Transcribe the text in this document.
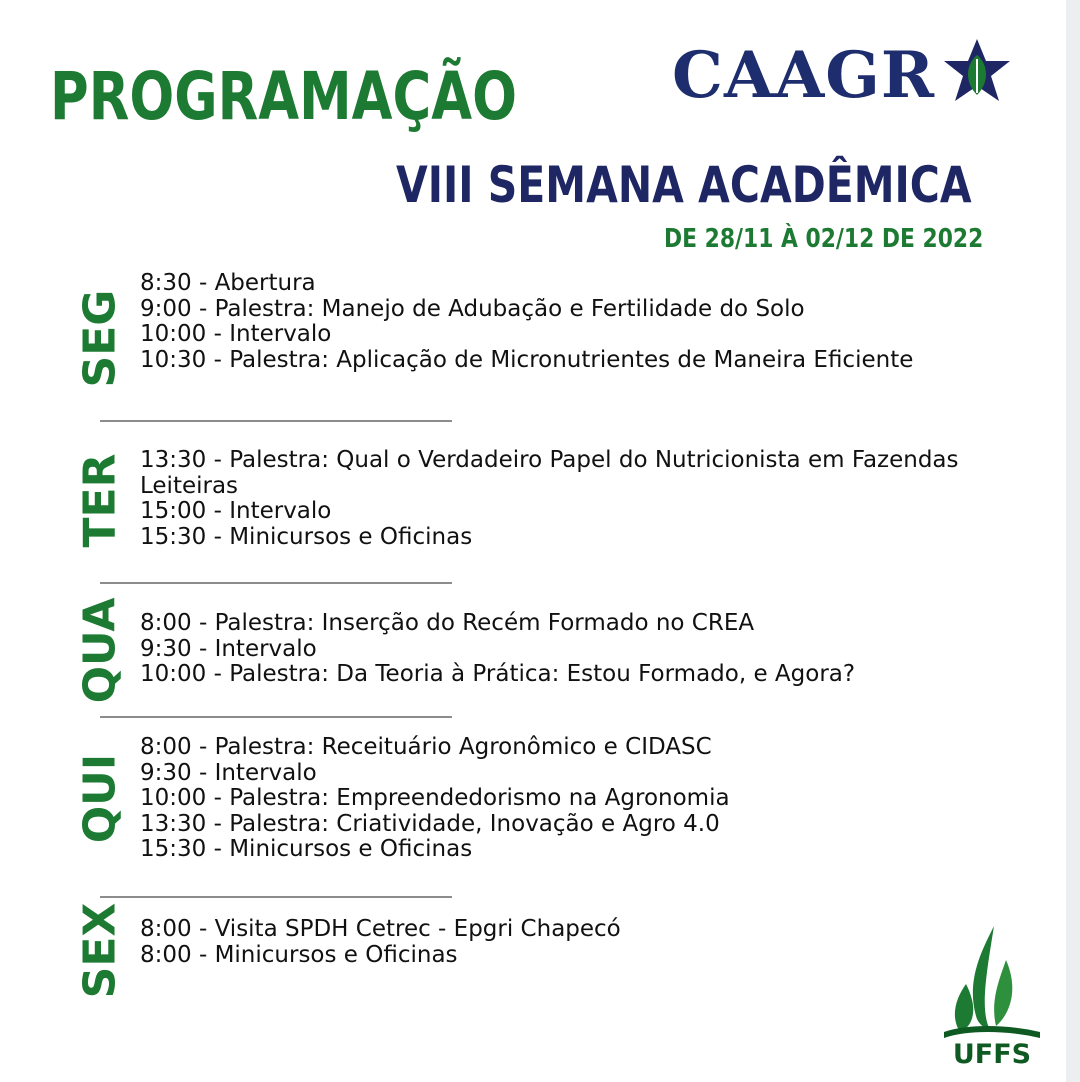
PROGRAMAÇÃO CAAGR
VIII SEMANA ACADÊMICA
DE 28/11 À 02/12 DE 2022
SEG
8:30 - Abertura
9:00 - Palestra: Manejo de Adubação e Fertilidade do Solo
10:00 - Intervalo
10:30 - Palestra: Aplicação de Micronutrientes de Maneira Eficiente
TER 13:30 - Palestra: Qual o Verdadeiro Papel do Nutricionista em Fazendas Leiteiras
15:00 - Intervalo
15:30 - Minicursos e Oficinas
QUA 8:00 - Palestra: Inserção do Recém Formado no CREA
9:30 - Intervalo
10:00 - Palestra: Da Teoria à Prática: Estou Formado, e Agora?
QUI
8:00 - Palestra: Receituário Agronômico e CIDASC
9:30 - Intervalo
10:00 - Palestra: Empreendedorismo na Agronomia
13:30 - Palestra: Criatividade, Inovação e Agro 4.0
15:30 - Minicursos e Oficinas
SEX 8:00 - Visita SPDH Cetrec - Epgri Chapecó
8:00 - Minicursos e Oficinas
UFFS
